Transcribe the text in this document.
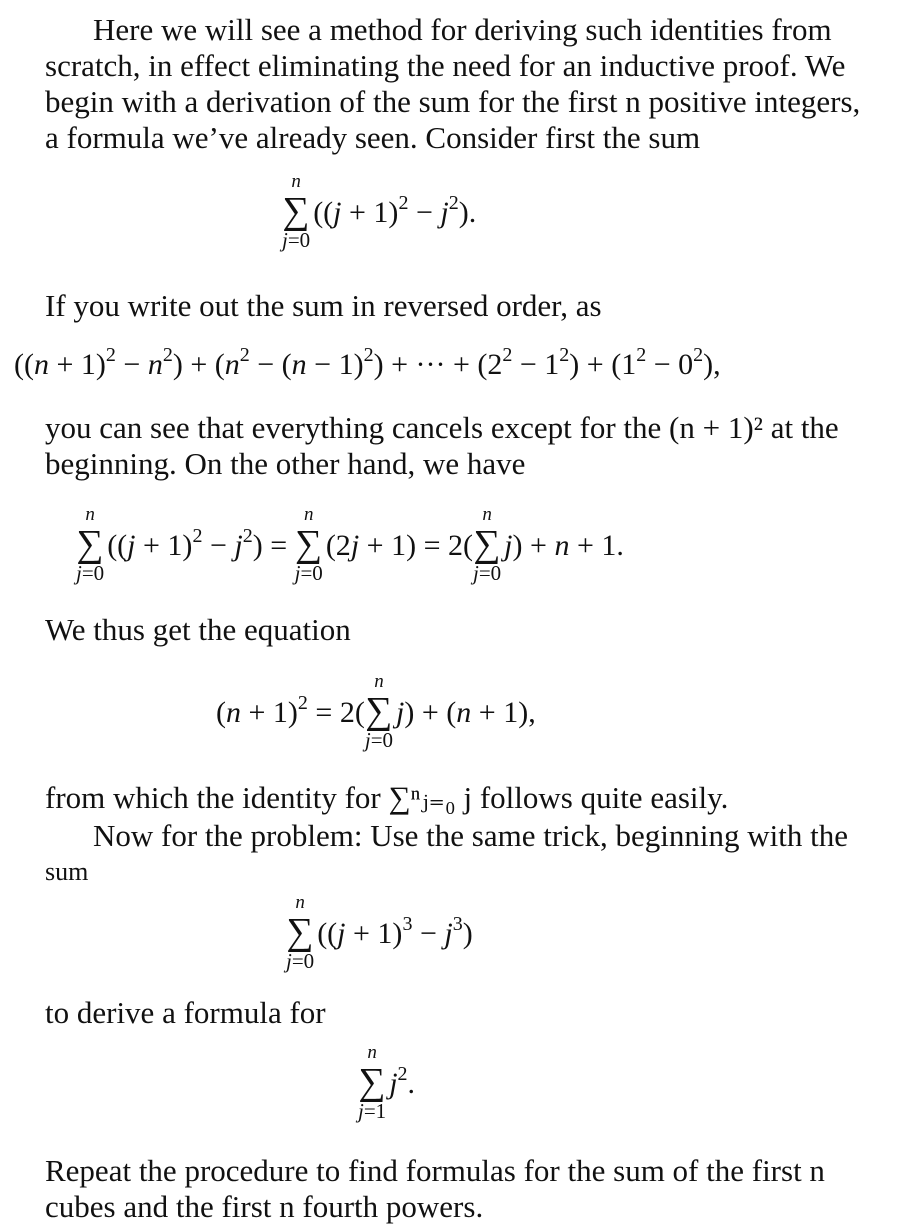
Here we will see a method for deriving such identities from
scratch, in effect eliminating the need for an inductive proof. We
begin with a derivation of the sum for the first n positive integers,
a formula we’ve already seen. Consider first the sum
n
∑
j=0
$((j + 1)^2 - j^2)$.
If you write out the sum in reversed order, as
$((n + 1)^2 - n^2) + (n^2 - (n - 1)^2)$ + ··· + $(2^2 - 1^2) + (1^2 - 0^2)$,
you can see that everything cancels except for the (n + 1)² at the
beginning. On the other hand, we have
n
∑
j=0
$((j + 1)^2 - j^2)$ =
n
∑
j=0
(2j + 1) = 2(
n
∑
j=0
j) + n + 1.
We thus get the equation
$(n + 1)^2 = 2$(
n
∑
j=0
j) + (n + 1),
from which the identity for ∑ⁿⱼ₌₀ j follows quite easily.
Now for the problem: Use the same trick, beginning with the
sum
n
∑
j=0
$((j + 1)^3 - j^3)$
to derive a formula for
n
∑
j=1
$j^2$.
Repeat the procedure to find formulas for the sum of the first n
cubes and the first n fourth powers.
